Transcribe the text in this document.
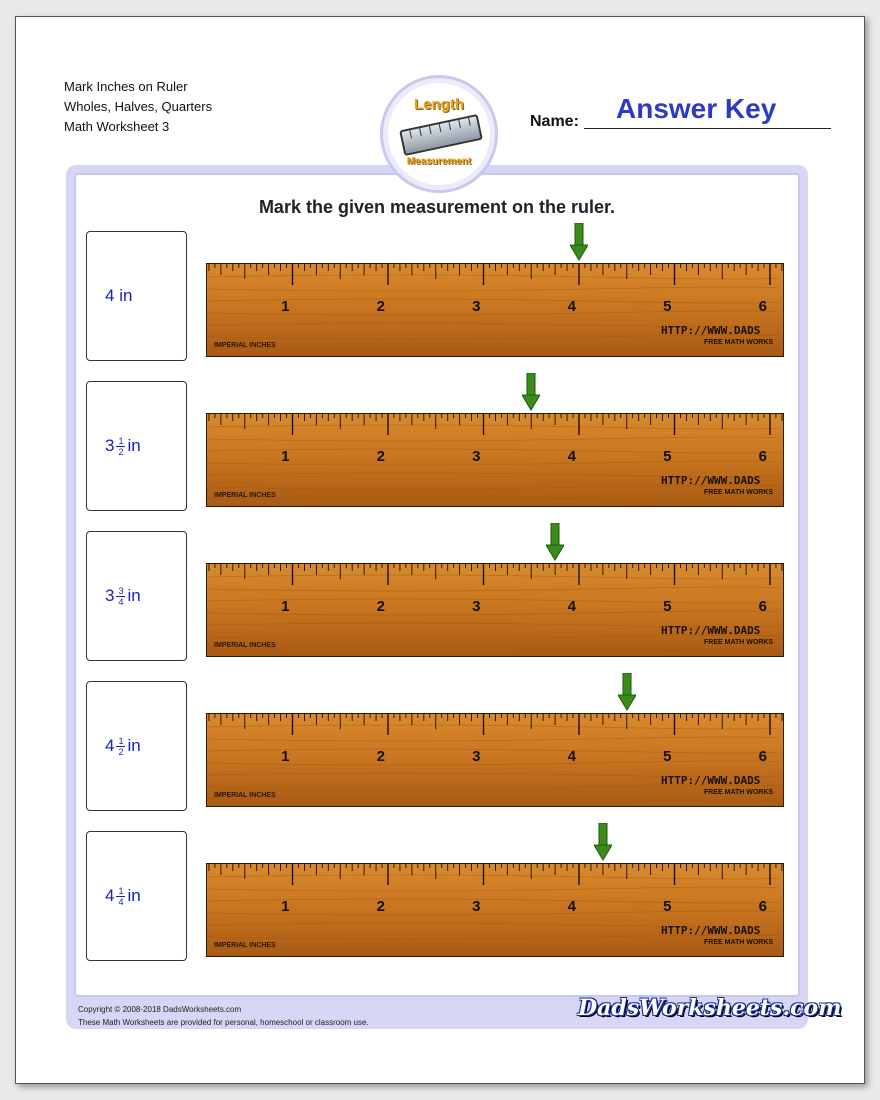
Mark Inches on Ruler
Wholes, Halves, Quarters
Math Worksheet 3
Length
Measurement
Name: Answer Key
Mark the given measurement on the ruler.
4
in
1	2	3	4	5	6
IMPERIAL INCHES
HTTP://WWW.DADS
FREE MATH WORKS
$3 \frac{1}{2}$ in
1	2	3	4	5	6
IMPERIAL INCHES
HTTP://WWW.DADS
FREE MATH WORKS
$3 \frac{3}{4}$ in
1	2	3	4	5	6
IMPERIAL INCHES
HTTP://WWW.DADS
FREE MATH WORKS
$4 \frac{1}{2}$ in
1	2	3	4	5	6
IMPERIAL INCHES
HTTP://WWW.DADS
FREE MATH WORKS
$4 \frac{1}{4}$ in
1	2	3	4	5	6
IMPERIAL INCHES
HTTP://WWW.DADS
FREE MATH WORKS
Copyright © 2008-2018 DadsWorksheets.com
These Math Worksheets are provided for personal, homeschool or classroom use.
DadsWorksheets.com
